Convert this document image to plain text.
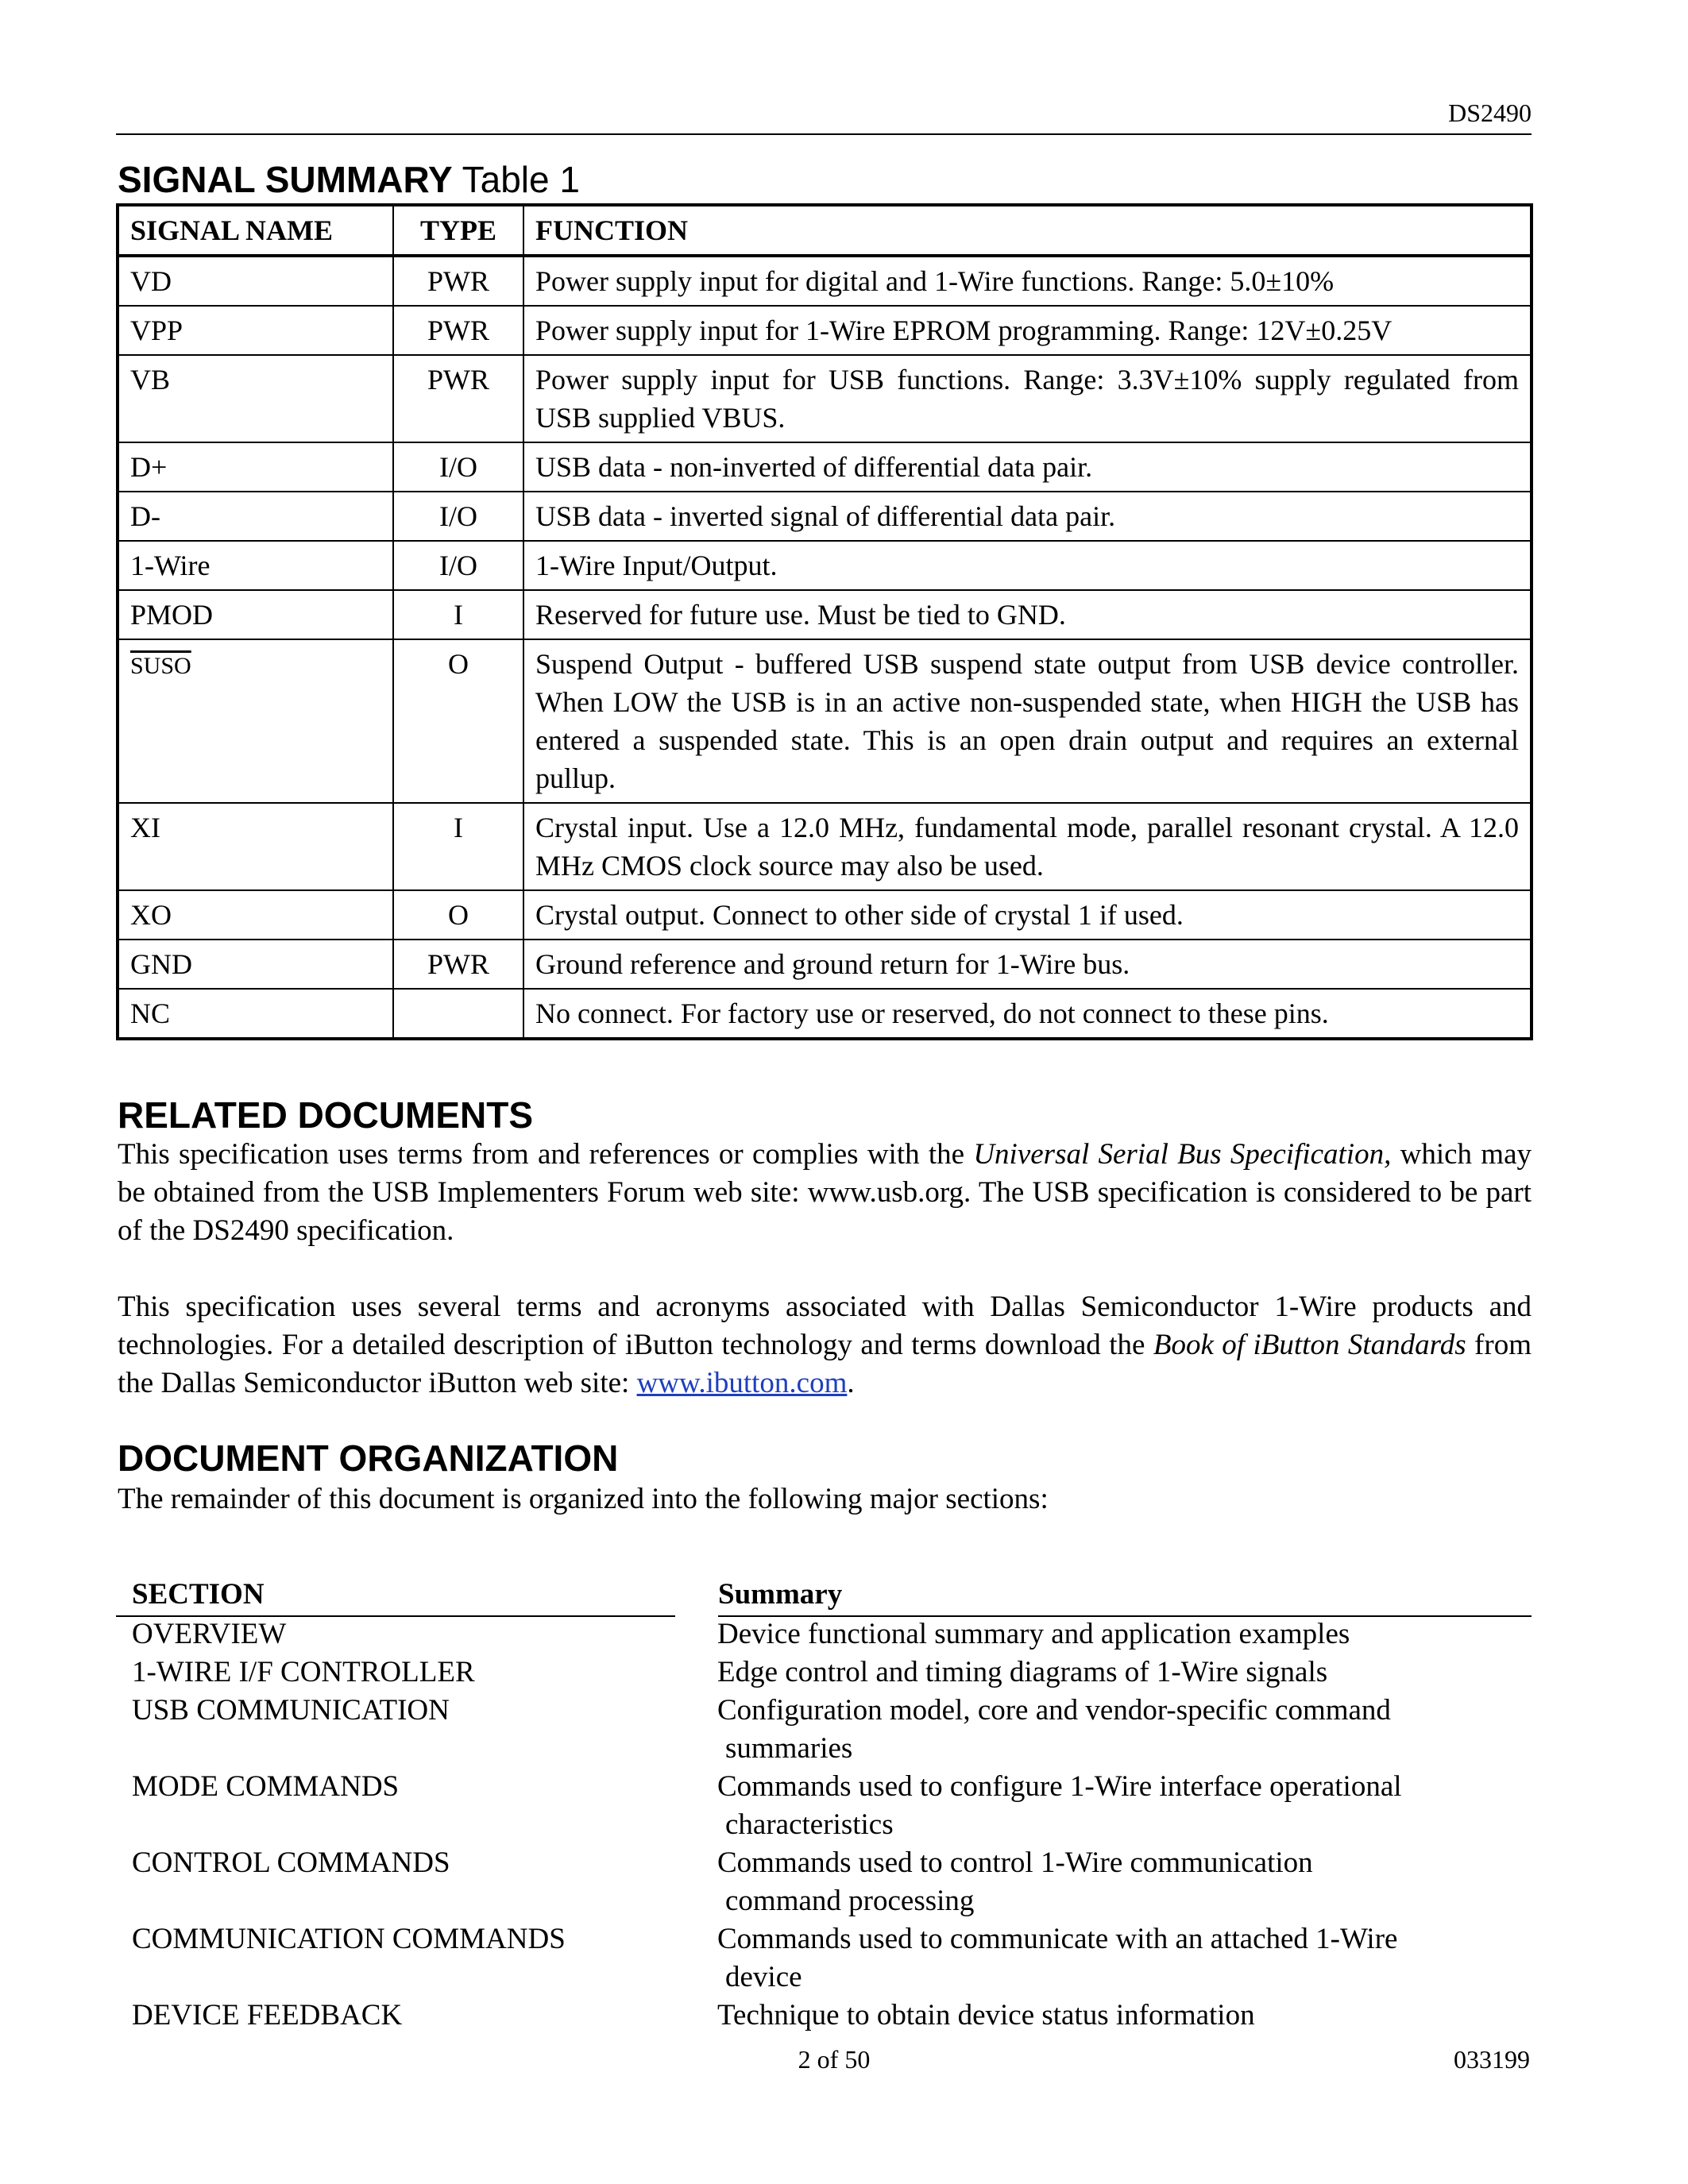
DS2490
SIGNAL SUMMARY Table 1
SIGNAL NAME	TYPE	FUNCTION
VD	PWR	Power supply input for digital and 1-Wire functions. Range: 5.0±10%
VPP	PWR	Power supply input for 1-Wire EPROM programming. Range: 12V±0.25V
VB	PWR	Power supply input for USB functions. Range: 3.3V±10% supply regulated from USB supplied VBUS.
D+	I/O	USB data - non-inverted of differential data pair.
D-	I/O	USB data - inverted signal of differential data pair.
1-Wire	I/O	1-Wire Input/Output.
PMOD	I	Reserved for future use. Must be tied to GND.
SUSO	O	Suspend Output - buffered USB suspend state output from USB device controller. When LOW the USB is in an active non-suspended state, when HIGH the USB has entered a suspended state. This is an open drain output and requires an external pullup.
XI	I	Crystal input. Use a 12.0 MHz, fundamental mode, parallel resonant crystal. A 12.0 MHz CMOS clock source may also be used.
XO	O	Crystal output. Connect to other side of crystal 1 if used.
GND	PWR	Ground reference and ground return for 1-Wire bus.
NC		No connect. For factory use or reserved, do not connect to these pins.
RELATED DOCUMENTS
This specification uses terms from and references or complies with the Universal Serial Bus Specification, which may be obtained from the USB Implementers Forum web site: www.usb.org. The USB specification is considered to be part of the DS2490 specification.
This specification uses several terms and acronyms associated with Dallas Semiconductor 1-Wire products and technologies. For a detailed description of iButton technology and terms download the Book of iButton Standards from the Dallas Semiconductor iButton web site: www.ibutton.com.
DOCUMENT ORGANIZATION
The remainder of this document is organized into the following major sections:
SECTION	Summary
OVERVIEW	Device functional summary and application examples
1-WIRE I/F CONTROLLER	Edge control and timing diagrams of 1-Wire signals
USB COMMUNICATION	Configuration model, core and vendor-specific command
summaries
MODE COMMANDS	Commands used to configure 1-Wire interface operational
characteristics
CONTROL COMMANDS	Commands used to control 1-Wire communication
command processing
COMMUNICATION COMMANDS	Commands used to communicate with an attached 1-Wire
device
DEVICE FEEDBACK	Technique to obtain device status information
2 of 50	033199
